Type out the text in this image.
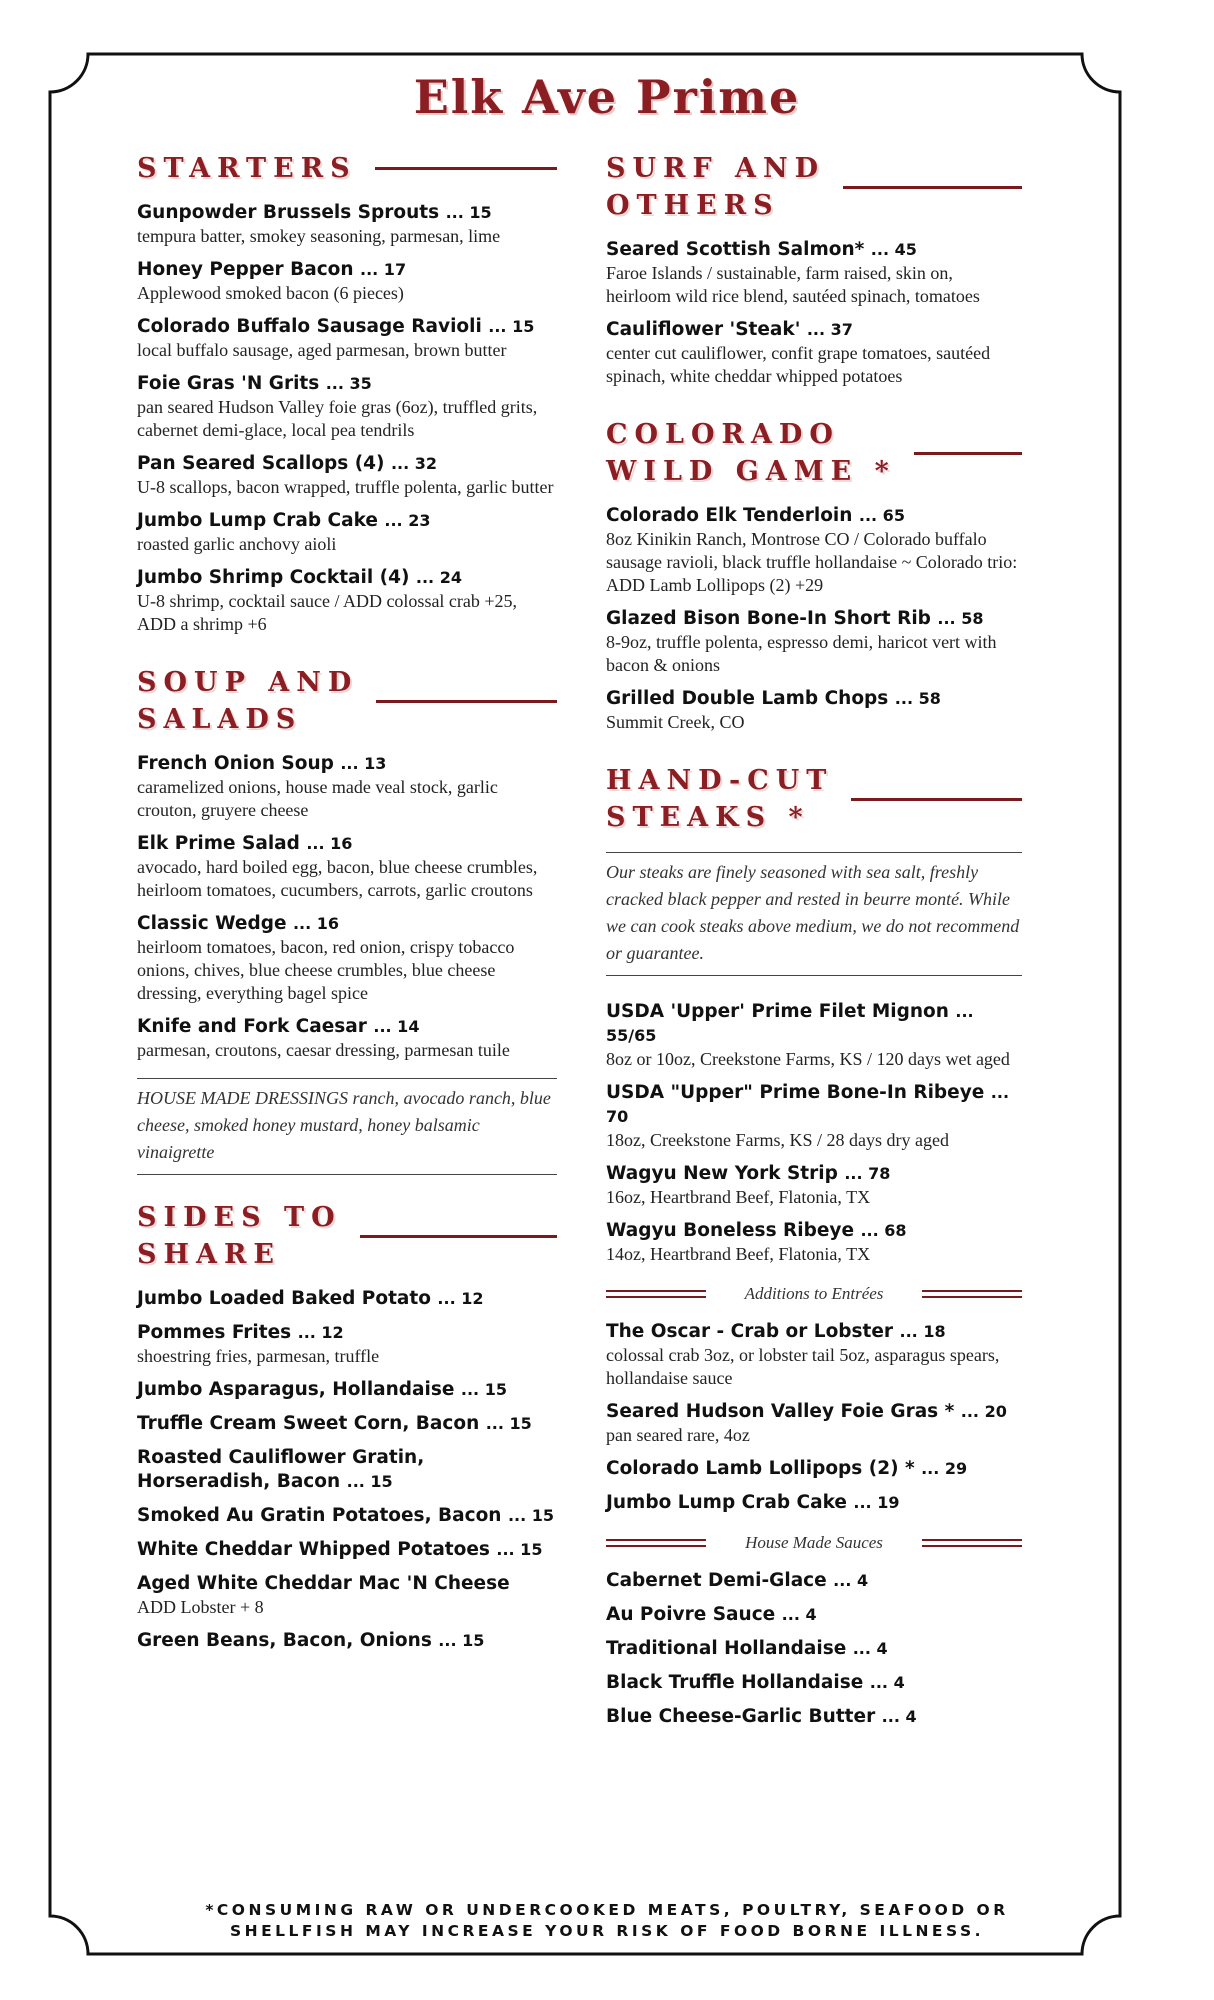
Elk Ave Prime
STARTERS
Gunpowder Brussels Sprouts ... 15
tempura batter, smokey seasoning, parmesan, lime
Honey Pepper Bacon ... 17
Applewood smoked bacon (6 pieces)
Colorado Buffalo Sausage Ravioli ... 15
local buffalo sausage, aged parmesan, brown butter
Foie Gras 'N Grits ... 35
pan seared Hudson Valley foie gras (6oz), truffled grits, cabernet demi-glace, local pea tendrils
Pan Seared Scallops (4) ... 32
U-8 scallops, bacon wrapped, truffle polenta, garlic butter
Jumbo Lump Crab Cake ... 23
roasted garlic anchovy aioli
Jumbo Shrimp Cocktail (4) ... 24
U-8 shrimp, cocktail sauce / ADD colossal crab +25, ADD a shrimp +6
SOUP AND
SALADS
French Onion Soup ... 13
caramelized onions, house made veal stock, garlic crouton, gruyere cheese
Elk Prime Salad ... 16
avocado, hard boiled egg, bacon, blue cheese crumbles, heirloom tomatoes, cucumbers, carrots, garlic croutons
Classic Wedge ... 16
heirloom tomatoes, bacon, red onion, crispy tobacco onions, chives, blue cheese crumbles, blue cheese dressing, everything bagel spice
Knife and Fork Caesar ... 14
parmesan, croutons, caesar dressing, parmesan tuile
HOUSE MADE DRESSINGS ranch, avocado ranch, blue cheese, smoked honey mustard, honey balsamic vinaigrette
SIDES TO
SHARE
Jumbo Loaded Baked Potato ... 12
Pommes Frites ... 12
shoestring fries, parmesan, truffle
Jumbo Asparagus, Hollandaise ... 15
Truffle Cream Sweet Corn, Bacon ... 15
Roasted Cauliflower Gratin, Horseradish, Bacon ... 15
Smoked Au Gratin Potatoes, Bacon ... 15
White Cheddar Whipped Potatoes ... 15
Aged White Cheddar Mac 'N Cheese
ADD Lobster + 8
Green Beans, Bacon, Onions ... 15
SURF AND
OTHERS
Seared Scottish Salmon* ... 45
Faroe Islands / sustainable, farm raised, skin on, heirloom wild rice blend, sautéed spinach, tomatoes
Cauliflower 'Steak' ... 37
center cut cauliflower, confit grape tomatoes, sautéed spinach, white cheddar whipped potatoes
COLORADO
WILD GAME *
Colorado Elk Tenderloin ... 65
8oz Kinikin Ranch, Montrose CO / Colorado buffalo sausage ravioli, black truffle hollandaise ~ Colorado trio: ADD Lamb Lollipops (2) +29
Glazed Bison Bone-In Short Rib ... 58
8-9oz, truffle polenta, espresso demi, haricot vert with bacon & onions
Grilled Double Lamb Chops ... 58
Summit Creek, CO
HAND-CUT
STEAKS *
Our steaks are finely seasoned with sea salt, freshly cracked black pepper and rested in beurre monté. While we can cook steaks above medium, we do not recommend or guarantee.
USDA 'Upper' Prime Filet Mignon ... 55/65
8oz or 10oz, Creekstone Farms, KS / 120 days wet aged
USDA "Upper" Prime Bone-In Ribeye ... 70
18oz, Creekstone Farms, KS / 28 days dry aged
Wagyu New York Strip ... 78
16oz, Heartbrand Beef, Flatonia, TX
Wagyu Boneless Ribeye ... 68
14oz, Heartbrand Beef, Flatonia, TX
Additions to Entrées
The Oscar - Crab or Lobster ... 18
colossal crab 3oz, or lobster tail 5oz, asparagus spears, hollandaise sauce
Seared Hudson Valley Foie Gras * ... 20
pan seared rare, 4oz
Colorado Lamb Lollipops (2) * ... 29
Jumbo Lump Crab Cake ... 19
House Made Sauces
Cabernet Demi-Glace ... 4
Au Poivre Sauce ... 4
Traditional Hollandaise ... 4
Black Truffle Hollandaise ... 4
Blue Cheese-Garlic Butter ... 4
*CONSUMING RAW OR UNDERCOOKED MEATS, POULTRY, SEAFOOD OR
SHELLFISH MAY INCREASE YOUR RISK OF FOOD BORNE ILLNESS.
